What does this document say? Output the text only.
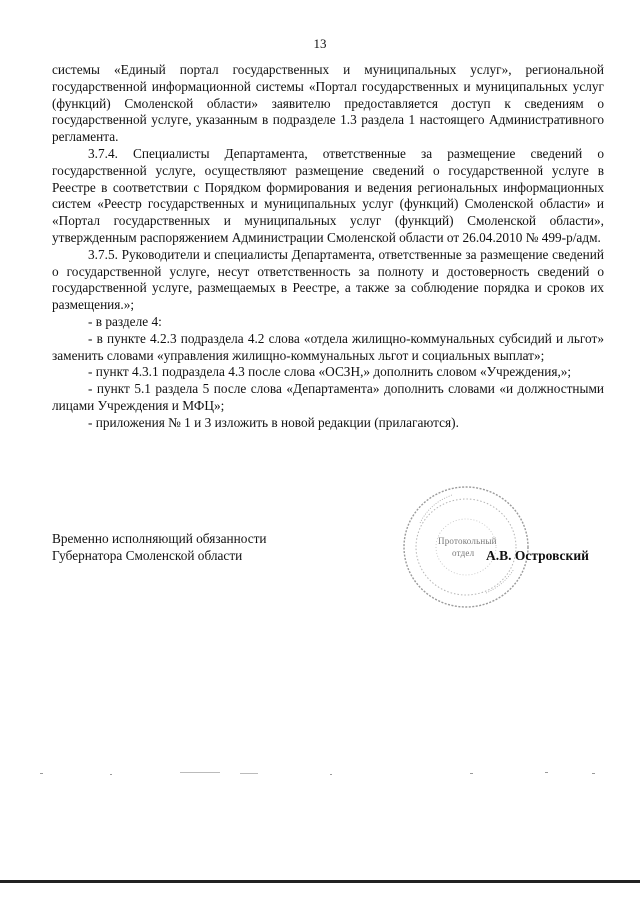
13

системы «Единый портал государственных и муниципальных услуг», региональной государственной информационной системы «Портал государственных и муниципальных услуг (функций) Смоленской области» заявителю предоставляется доступ к сведениям о государственной услуге, указанным в подразделе 1.3 раздела 1 настоящего Административного регламента.

3.7.4. Специалисты Департамента, ответственные за размещение сведений о государственной услуге, осуществляют размещение сведений о государственной услуге в Реестре в соответствии с Порядком формирования и ведения региональных информационных систем «Реестр государственных и муниципальных услуг (функций) Смоленской области» и «Портал государственных и муниципальных услуг (функций) Смоленской области», утвержденным распоряжением Администрации Смоленской области от 26.04.2010 № 499-р/адм.

3.7.5. Руководители и специалисты Департамента, ответственные за размещение сведений о государственной услуге, несут ответственность за полноту и достоверность сведений о государственной услуге, размещаемых в Реестре, а также за соблюдение порядка и сроков их размещения.»;

- в разделе 4:

- в пункте 4.2.3 подраздела 4.2 слова «отдела жилищно-коммунальных субсидий и льгот» заменить словами «управления жилищно-коммунальных льгот и социальных выплат»;

- пункт 4.3.1 подраздела 4.3 после слова «ОСЗН,» дополнить словом «Учреждения,»;

- пункт 5.1 раздела 5 после слова «Департамента» дополнить словами «и должностными лицами Учреждения и МФЦ»;

- приложения № 1 и 3 изложить в новой редакции (прилагаются).

Протокольный
отдел
Временно исполняющий обязанности
Губернатора Смоленской области	А.В. Островский
